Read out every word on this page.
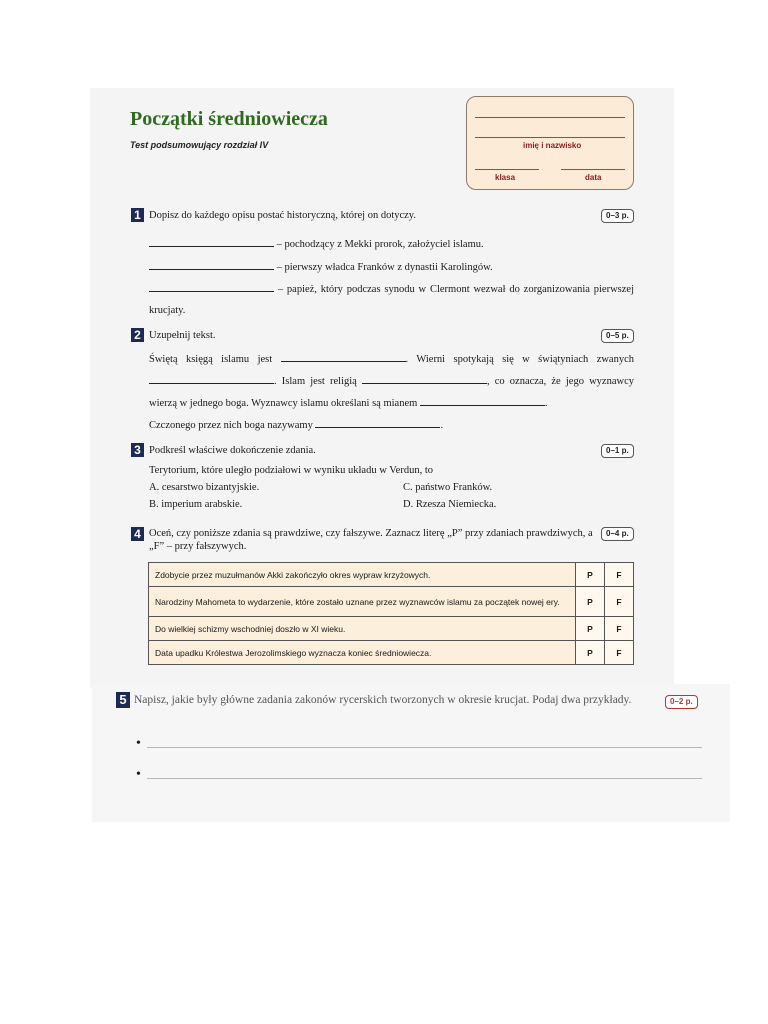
Początki średniowiecza
Test podsumowujący rozdział IV	imię i nazwisko
klasa	data
1 Dopisz do każdego opisu postać historyczną, której on dotyczy.	0–3 p.
– pochodzący z Mekki prorok, założyciel islamu.
– pierwszy władca Franków z dynastii Karolingów.
– papież, który podczas synodu w Clermont wezwał do zorganizowania pierwszej krucjaty.
2 Uzupełnij tekst.	0–5 p.
Świętą księgą islamu jest	. Wierni spotykają się w świątyniach zwanych . Islam jest religią	, co oznacza, że jego wyznawcy wierzą w jednego boga. Wyznawcy islamu określani są mianem	.
Czczonego przez nich boga nazywamy	.
3 Podkreśl właściwe dokończenie zdania.	0–1 p.
Terytorium, które uległo podziałowi w wyniku układu w Verdun, to
A. cesarstwo bizantyjskie.
B. imperium arabskie.
C. państwo Franków.
D. Rzesza Niemiecka.
4 Oceń, czy poniższe zdania są prawdziwe, czy fałszywe. Zaznacz literę „P” przy zdaniach prawdziwych, a „F” – przy fałszywych.
0–4 p.
Zdobycie przez muzułmanów Akki zakończyło okres wypraw krzyżowych.	P	F
Narodziny Mahometa to wydarzenie, które zostało uznane przez wyznawców islamu za początek nowej ery.	P	F
Do wielkiej schizmy wschodniej doszło w XI wieku.	P	F
Data upadku Królestwa Jerozolimskiego wyznacza koniec średniowiecza.	P	F
5 Napisz, jakie były główne zadania zakonów rycerskich tworzonych w okresie krucjat. Podaj dwa przykłady.	0–2 p.
•
•
